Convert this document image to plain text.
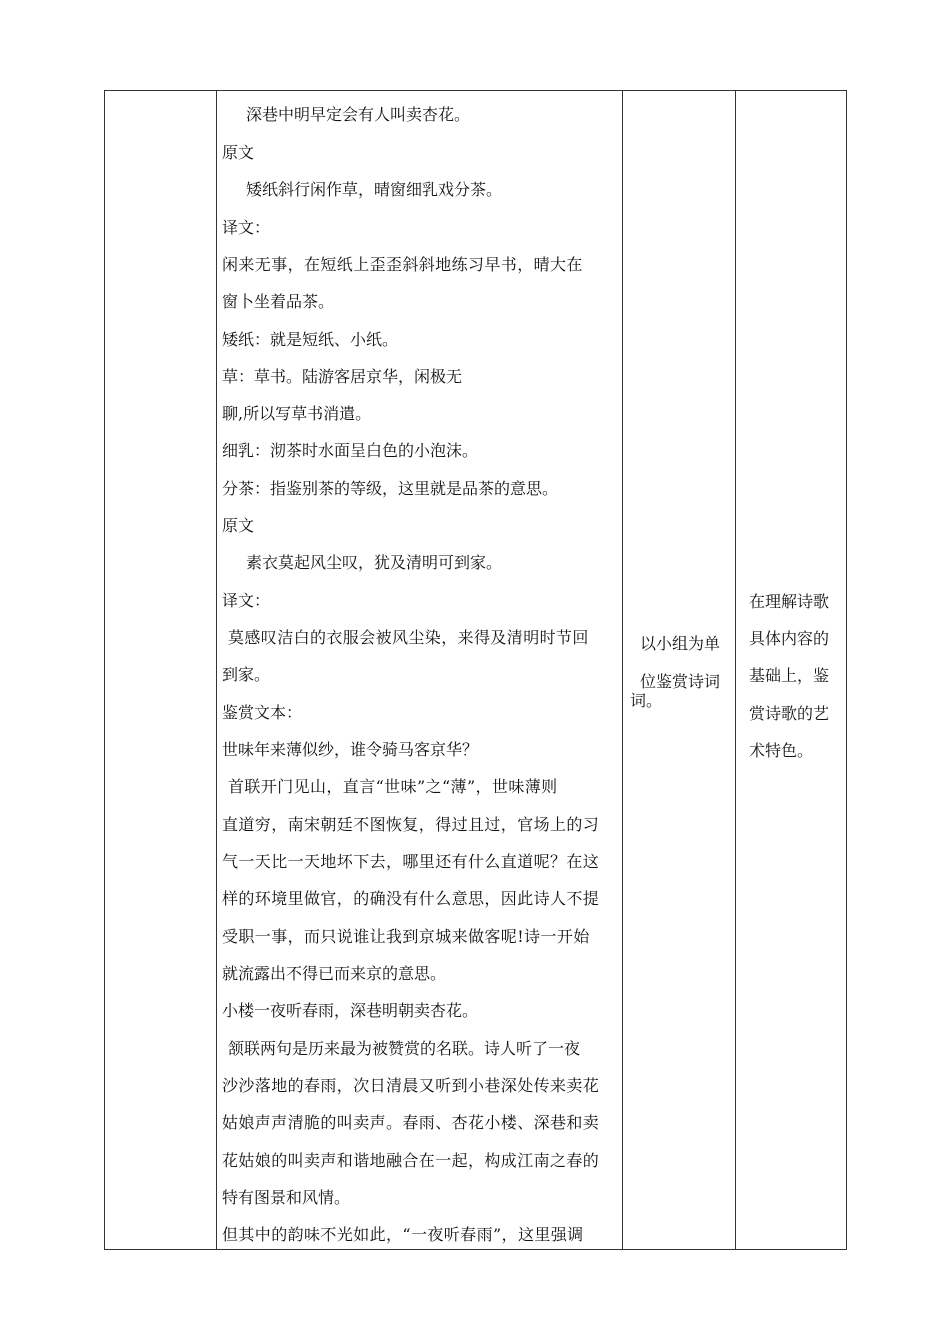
深巷中明早定会有人叫卖杏花。
原文
矮纸斜行闲作草，晴窗细乳戏分茶。
译文：
闲来无事，在短纸上歪歪斜斜地练习早书，晴大在
窗卜坐着品茶。
矮纸：就是短纸、小纸。
草：草书。陆游客居京华，闲极无
聊,所以写草书消遣。
细乳：沏茶时水面呈白色的小泡沫。
分茶：指鉴别茶的等级，这里就是品茶的意思。
原文
素衣莫起风尘叹，犹及清明可到家。
译文：
莫感叹洁白的衣服会被风尘染，来得及清明时节回
到家。
鉴赏文本：
世味年来薄似纱，谁令骑马客京华？
首联开门见山，直言“世味”之“薄”，世味薄则
直道穷，南宋朝廷不图恢复，得过且过，官场上的习
气一天比一天地坏下去，哪里还有什么直道呢？在这
样的环境里做官，的确没有什么意思，因此诗人不提
受职一事，而只说谁让我到京城来做客呢!诗一开始
就流露出不得已而来京的意思。
小楼一夜听春雨，深巷明朝卖杏花。
颔联两句是历来最为被赞赏的名联。诗人听了一夜
沙沙落地的春雨，次日清晨又听到小巷深处传来卖花
姑娘声声清脆的叫卖声。春雨、杏花小楼、深巷和卖
花姑娘的叫卖声和谐地融合在一起，构成江南之春的
特有图景和风情。
但其中的韵味不光如此，“一夜听春雨”，这里强调
以小组为单
位鉴赏诗词
词。
在理解诗歌
具体内容的
基础上，鉴
赏诗歌的艺
术特色。
